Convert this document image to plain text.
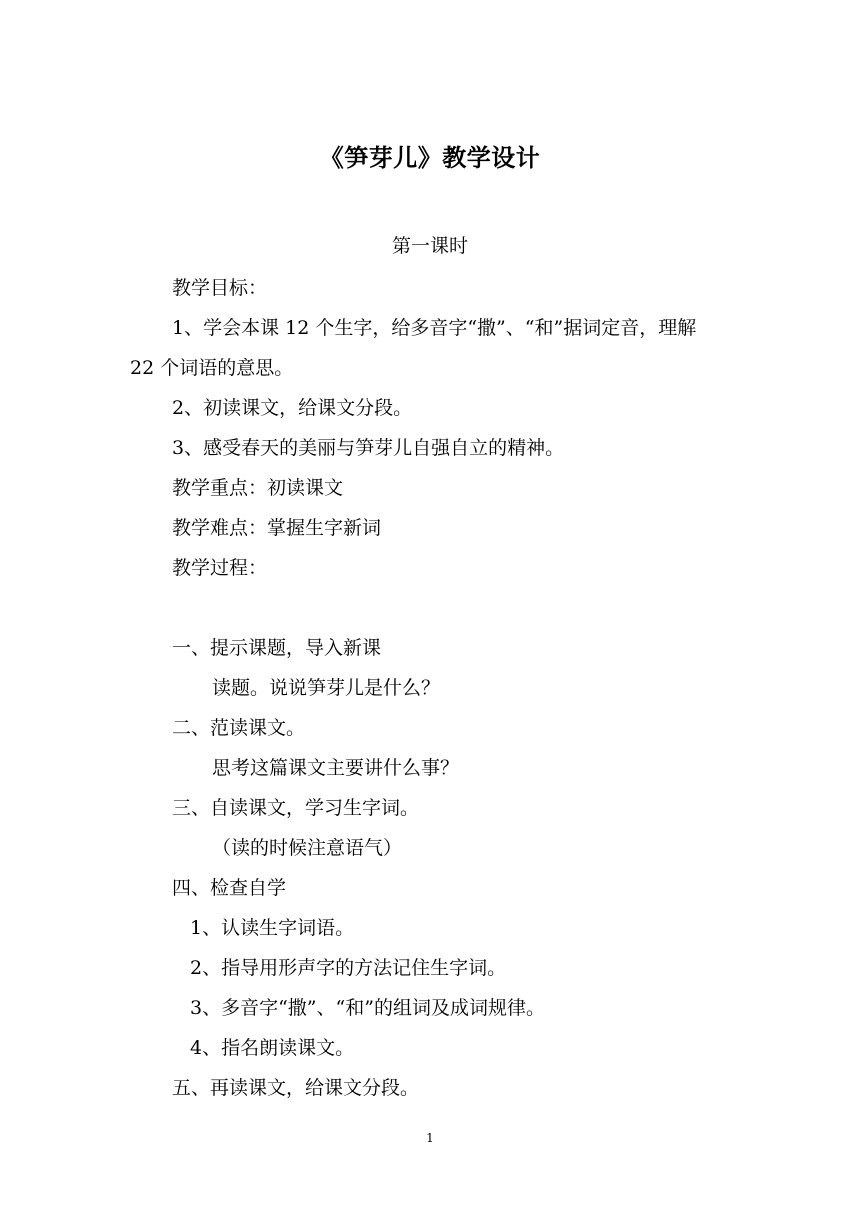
《笋芽儿》教学设计
第一课时
教学目标：
1、学会本课 12 个生字，给多音字“撒”、“和”据词定音，理解
22 个词语的意思。
2、初读课文，给课文分段。
3、感受春天的美丽与笋芽儿自强自立的精神。
教学重点：初读课文
教学难点：掌握生字新词
教学过程：
一、提示课题，导入新课
读题。说说笋芽儿是什么？
二、范读课文。
思考这篇课文主要讲什么事？
三、自读课文，学习生字词。
（读的时候注意语气）
四、检查自学
1、认读生字词语。
2、指导用形声字的方法记住生字词。
3、多音字“撒”、“和”的组词及成词规律。
4、指名朗读课文。
五、再读课文，给课文分段。
1
